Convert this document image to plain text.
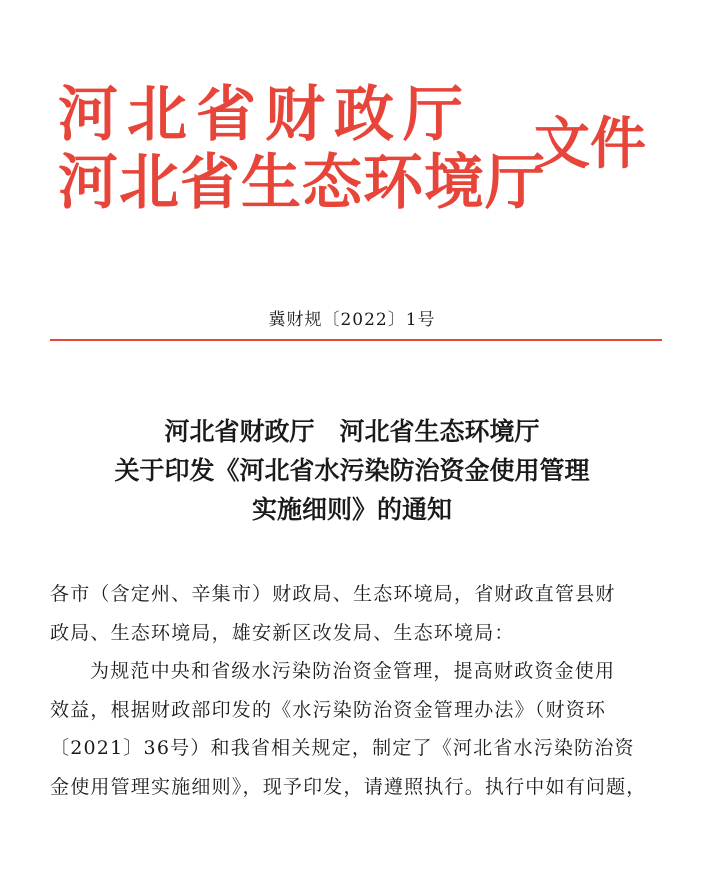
河北省财政厅
河北省生态环境厅
文件
冀财规〔2022〕1号
河北省财政厅　河北省生态环境厅
关于印发《河北省水污染防治资金使用管理
实施细则》的通知

各市（含定州、辛集市）财政局、生态环境局，省财政直管县财

政局、生态环境局，雄安新区改发局、生态环境局：

为规范中央和省级水污染防治资金管理，提高财政资金使用

效益，根据财政部印发的《水污染防治资金管理办法》（财资环

〔2021〕36号）和我省相关规定，制定了《河北省水污染防治资

金使用管理实施细则》，现予印发，请遵照执行。执行中如有问题，
